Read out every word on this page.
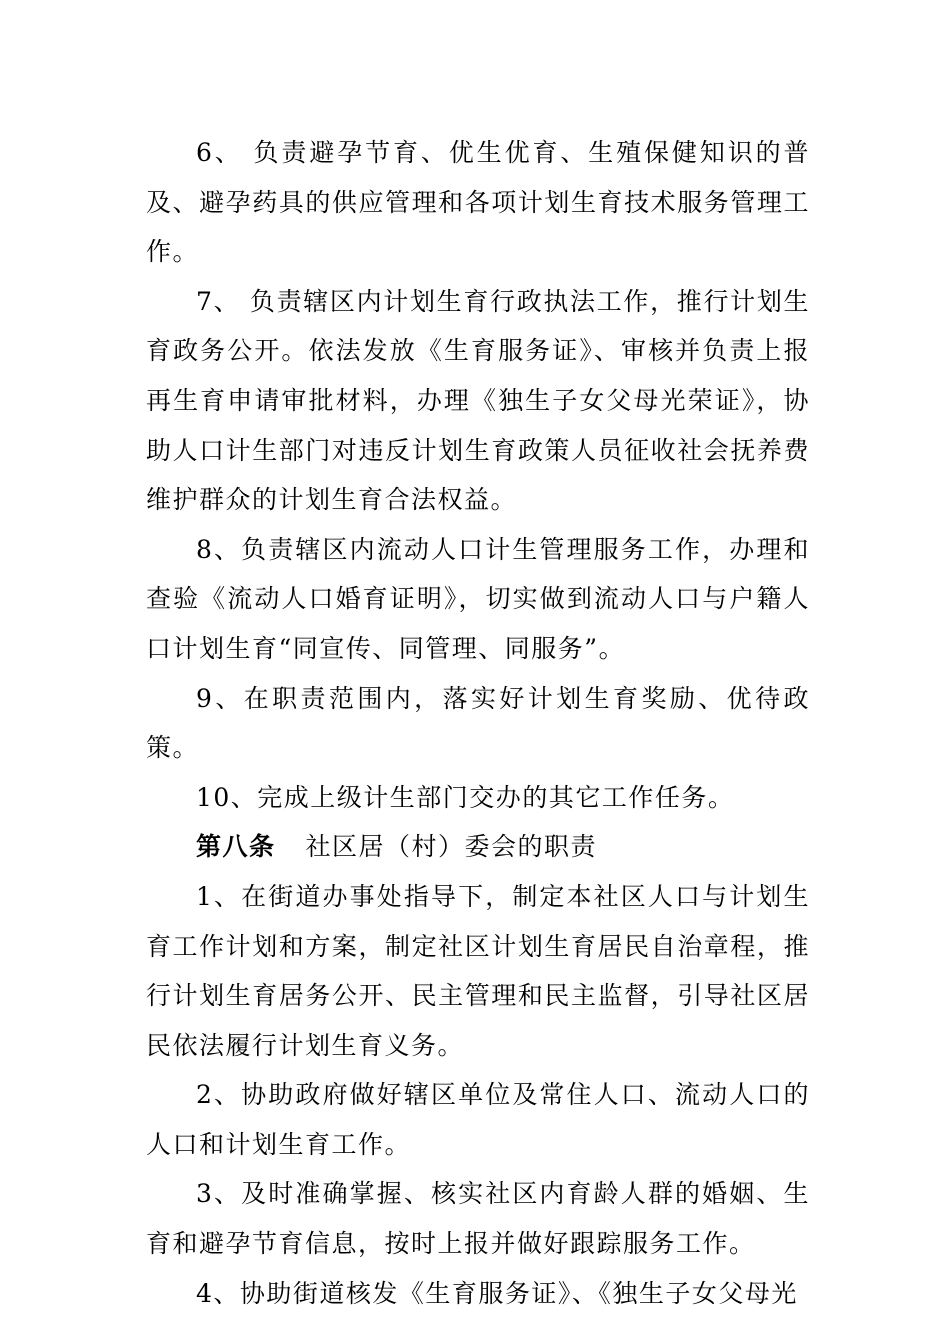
6、 负责避孕节育、优生优育、生殖保健知识的普及、避孕药具的供应管理和各项计划生育技术服务管理工作。

7、 负责辖区内计划生育行政执法工作，推行计划生育政务公开。依法发放《生育服务证》、审核并负责上报再生育申请审批材料，办理《独生子女父母光荣证》，协助人口计生部门对违反计划生育政策人员征收社会抚养费维护群众的计划生育合法权益。

8、负责辖区内流动人口计生管理服务工作，办理和查验《流动人口婚育证明》，切实做到流动人口与户籍人口计划生育“同宣传、同管理、同服务”。

9、在职责范围内，落实好计划生育奖励、优待政策。

10、完成上级计生部门交办的其它工作任务。

第八条 社区居（村）委会的职责

1、在街道办事处指导下，制定本社区人口与计划生育工作计划和方案，制定社区计划生育居民自治章程，推行计划生育居务公开、民主管理和民主监督，引导社区居民依法履行计划生育义务。

2、协助政府做好辖区单位及常住人口、流动人口的人口和计划生育工作。

3、及时准确掌握、核实社区内育龄人群的婚姻、生育和避孕节育信息，按时上报并做好跟踪服务工作。

4、协助街道核发《生育服务证》、《独生子女父母光
